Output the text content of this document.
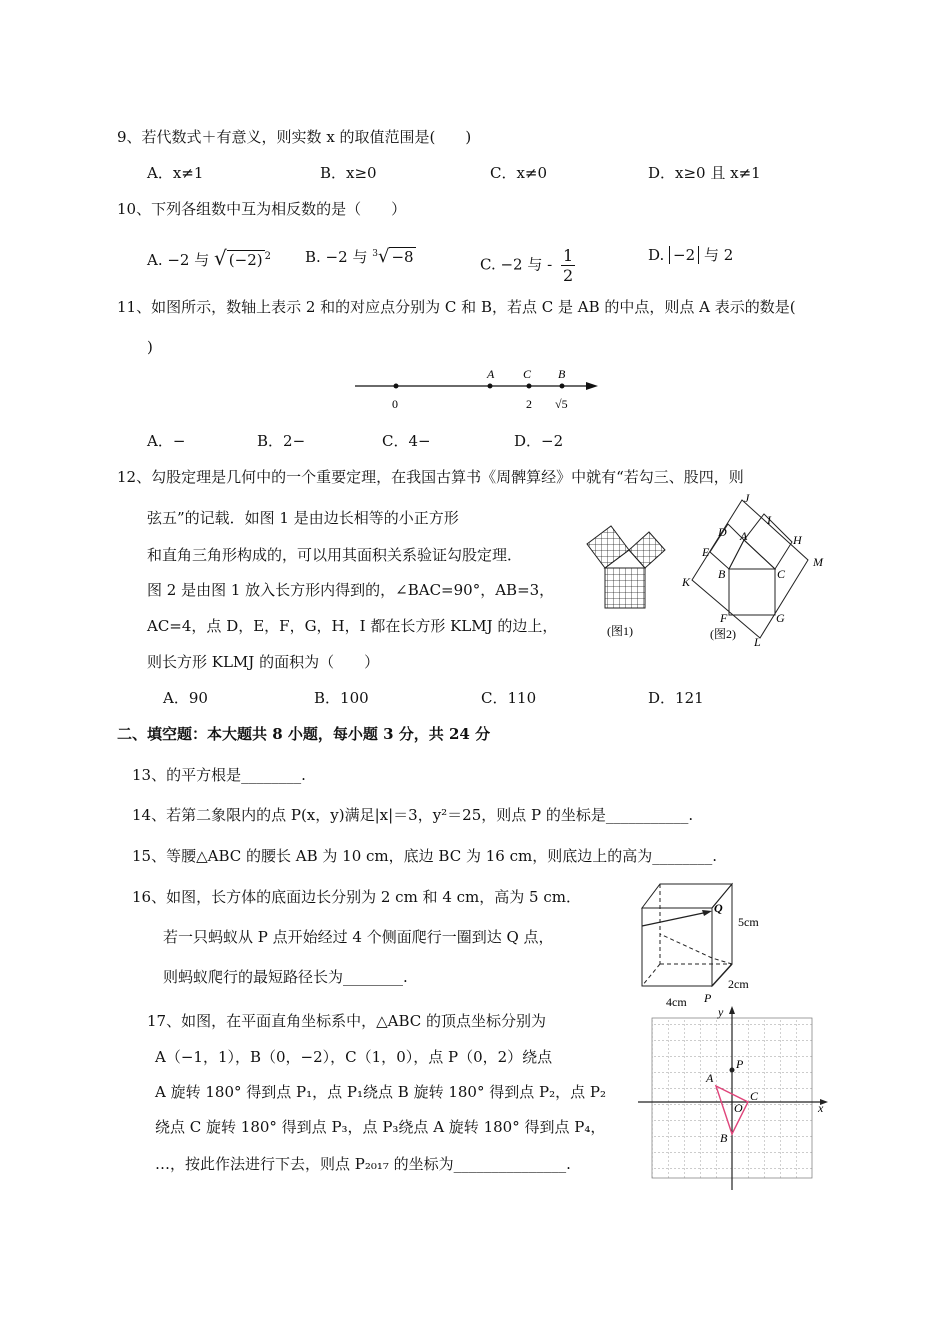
9、若代数式＋有意义，则实数 x 的取值范围是(　　)
A．x≠1	B．x≥0	C．x≠0	D．x≥0 且 x≠1
10、下列各组数中互为相反数的是（　　）
A. −2 与 √ (−2) $^2$ B. −2 与 $^3$√ −8	C. −2 与 - $\frac{1}{2}$	D. −2 与 2
11、如图所示，数轴上表示 2 和的对应点分别为 C 和 B，若点 C 是 AB 的中点，则点 A 表示的数是(
)
A C B
0	2 √5
A．−	B．2−	C．4−	D．−2
12、勾股定理是几何中的一个重要定理，在我国古算书《周髀算经》中就有“若勾三、股四，则
弦五”的记载．如图 1 是由边长相等的小正方形
和直角三角形构成的，可以用其面积关系验证勾股定理．
图 2 是由图 1 放入长方形内得到的，∠BAC=90°，AB=3，
AC=4，点 D，E，F，G，H，I 都在长方形 KLMJ 的边上，
则长方形 KLMJ 的面积为（　　）
(图1)
J
I
D A	H
M
E
B	C
K
F	G
L
(图2)
A．90	B．100	C．110	D．121
二、填空题：本大题共 8 小题，每小题 3 分，共 24 分
13、的平方根是________.
14、若第二象限内的点 P(x，y)满足|x|＝3，y²＝25，则点 P 的坐标是___________.
15、等腰△ABC 的腰长 AB 为 10 cm，底边 BC 为 16 cm，则底边上的高为________.
16、如图，长方体的底面边长分别为 2 cm 和 4 cm，高为 5 cm．
若一只蚂蚁从 P 点开始经过 4 个侧面爬行一圈到达 Q 点，
则蚂蚁爬行的最短路径长为________.
Q
P
5cm
2cm
4cm
17、如图，在平面直角坐标系中，△ABC 的顶点坐标分别为
A（−1，1），B（0，−2），C（1，0），点 P（0，2）绕点
A 旋转 180° 得到点 P₁，点 P₁绕点 B 旋转 180° 得到点 P₂，点 P₂
绕点 C 旋转 180° 得到点 P₃，点 P₃绕点 A 旋转 180° 得到点 P₄，
…，按此作法进行下去，则点 P₂₀₁₇ 的坐标为_______________.
y
x
P
A
O
C
B
